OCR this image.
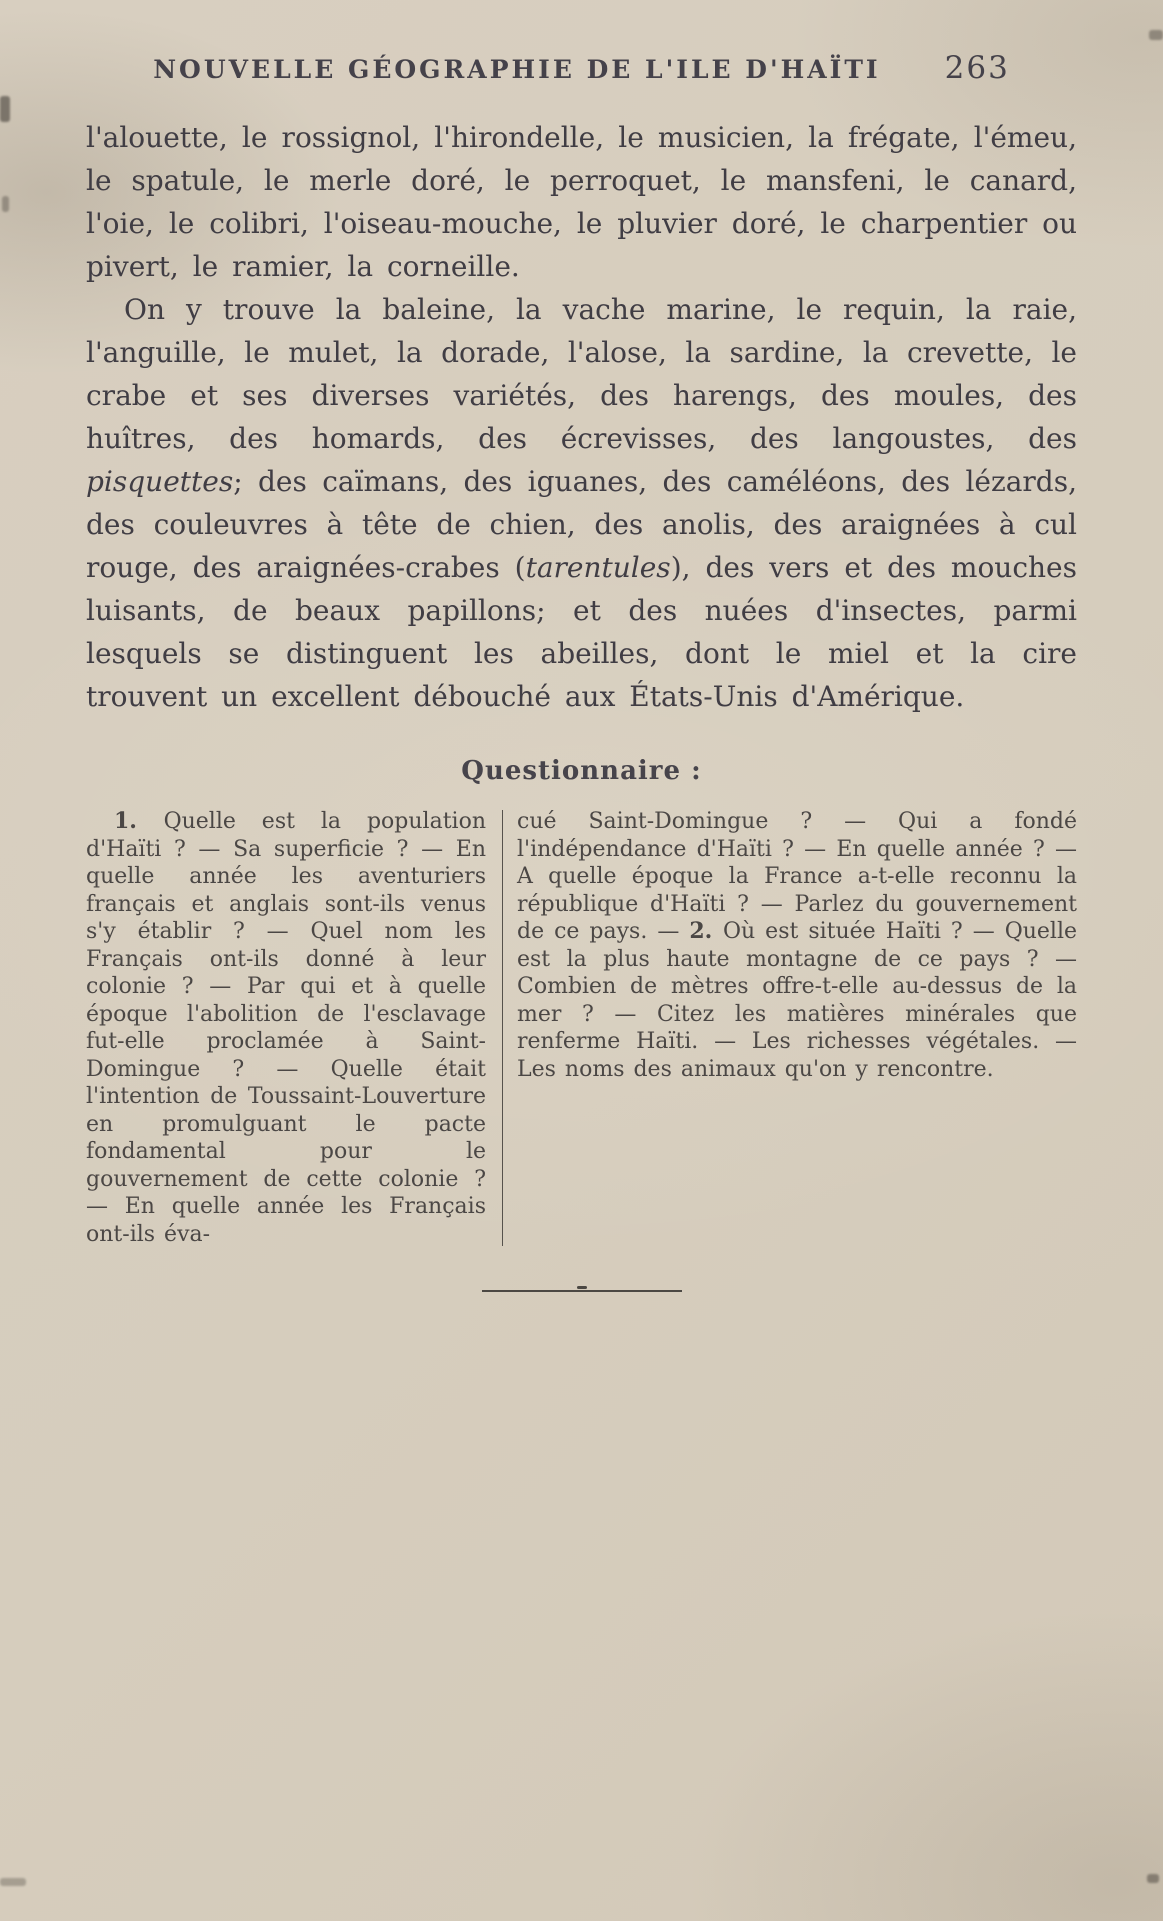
NOUVELLE GÉOGRAPHIE DE L'ILE D'HAÏTI 263

l'alouette, le rossignol, l'hirondelle, le musicien, la frégate, l'émeu, le spatule, le merle doré, le perroquet, le mansfeni, le canard, l'oie, le colibri, l'oiseau-mouche, le pluvier doré, le charpentier ou pivert, le ramier, la corneille.

On y trouve la baleine, la vache marine, le requin, la raie, l'anguille, le mulet, la dorade, l'alose, la sardine, la crevette, le crabe et ses diverses variétés, des harengs, des moules, des huîtres, des homards, des écrevisses, des langoustes, des pisquettes; des caïmans, des iguanes, des caméléons, des lézards, des couleuvres à tête de chien, des anolis, des araignées à cul rouge, des araignées-crabes (tarentules), des vers et des mouches luisants, de beaux papillons; et des nuées d'insectes, parmi lesquels se distinguent les abeilles, dont le miel et la cire trouvent un excellent débouché aux États-Unis d'Amérique.

Questionnaire :
1. Quelle est la population d'Haïti ? — Sa superficie ? — En quelle année les aventuriers français et anglais sont-ils venus s'y établir ? — Quel nom les Français ont-ils donné à leur colonie ? — Par qui et à quelle époque l'abolition de l'esclavage fut-elle proclamée à Saint-Domingue ? — Quelle était l'intention de Toussaint-Louverture en promulguant le pacte fondamental pour le gouvernement de cette colonie ? — En quelle année les Français ont-ils éva-
cué Saint-Domingue ? — Qui a fondé l'indépendance d'Haïti ? — En quelle année ? — A quelle époque la France a-t-elle reconnu la république d'Haïti ? — Parlez du gouvernement de ce pays. — 2. Où est située Haïti ? — Quelle est la plus haute montagne de ce pays ? — Combien de mètres offre-t-elle au-dessus de la mer ? — Citez les matières minérales que renferme Haïti. — Les richesses végétales. — Les noms des animaux qu'on y rencontre.
